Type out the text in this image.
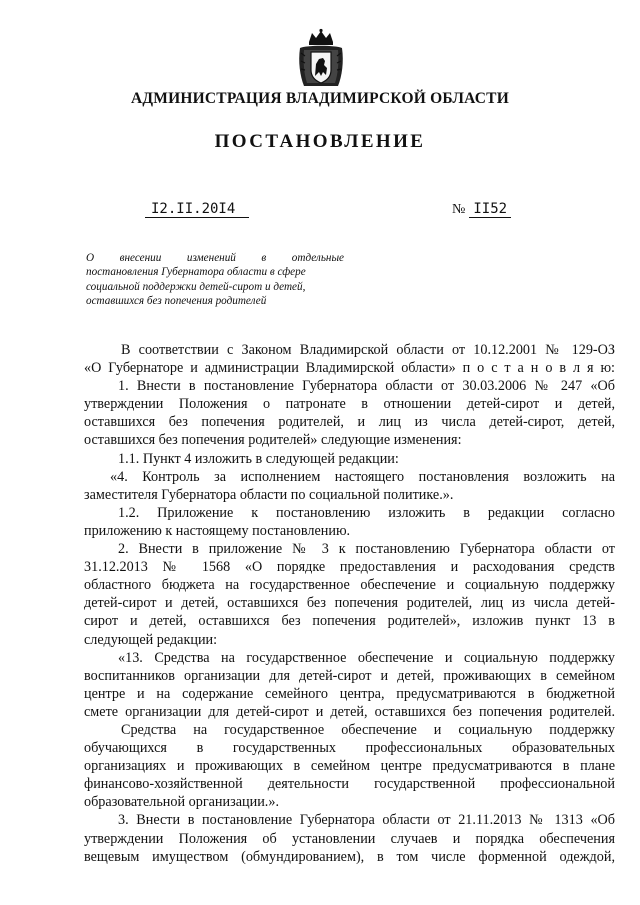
АДМИНИСТРАЦИЯ ВЛАДИМИРСКОЙ ОБЛАСТИ
ПОСТАНОВЛЕНИЕ
I2.II.20I4	№ II52
О внесении изменений в отдельные
постановления Губернатора области в сфере
социальной поддержки детей-сирот и детей,
оставшихся без попечения родителей
В соответствии с Законом Владимирской области от 10.12.2001 № 129-ОЗ
«О Губернаторе и администрации Владимирской области» п о с т а н о в л я ю:
1. Внести в постановление Губернатора области от 30.03.2006 № 247 «Об
утверждении Положения о патронате в отношении детей-сирот и детей,
оставшихся без попечения родителей, и лиц из числа детей-сирот, детей,
оставшихся без попечения родителей» следующие изменения:
1.1. Пункт 4 изложить в следующей редакции:
«4. Контроль за исполнением настоящего постановления возложить на
заместителя Губернатора области по социальной политике.».
1.2. Приложение к постановлению изложить в редакции согласно
приложению к настоящему постановлению.
2. Внести в приложение № 3 к постановлению Губернатора области от
31.12.2013 № 1568 «О порядке предоставления и расходования средств
областного бюджета на государственное обеспечение и социальную поддержку
детей-сирот и детей, оставшихся без попечения родителей, лиц из числа детей-
сирот и детей, оставшихся без попечения родителей», изложив пункт 13 в
следующей редакции:
«13. Средства на государственное обеспечение и социальную поддержку
воспитанников организации для детей-сирот и детей, проживающих в семейном
центре и на содержание семейного центра, предусматриваются в бюджетной
смете организации для детей-сирот и детей, оставшихся без попечения родителей.
Средства на государственное обеспечение и социальную поддержку
обучающихся в государственных профессиональных образовательных
организациях и проживающих в семейном центре предусматриваются в плане
финансово-хозяйственной деятельности государственной профессиональной
образовательной организации.».
3. Внести в постановление Губернатора области от 21.11.2013 № 1313 «Об
утверждении Положения об установлении случаев и порядка обеспечения
вещевым имуществом (обмундированием), в том числе форменной одеждой,
